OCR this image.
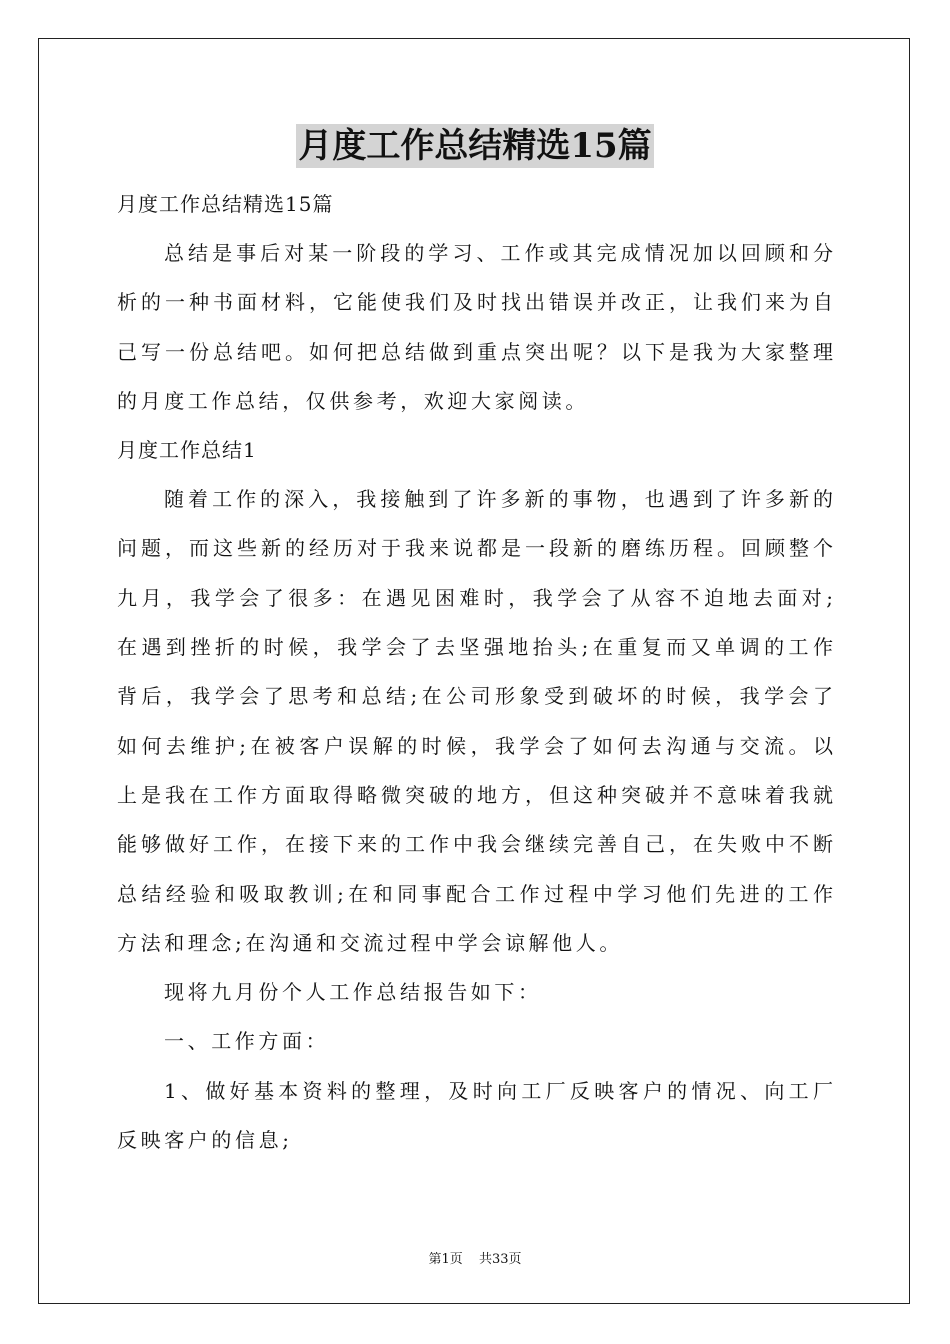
月度工作总结精选15篇
月度工作总结精选15篇
总结是事后对某一阶段的学习、工作或其完成情况加以回顾和分
析的一种书面材料，它能使我们及时找出错误并改正，让我们来为自
己写一份总结吧。如何把总结做到重点突出呢？以下是我为大家整理
的月度工作总结，仅供参考，欢迎大家阅读。
月度工作总结1
随着工作的深入，我接触到了许多新的事物，也遇到了许多新的
问题，而这些新的经历对于我来说都是一段新的磨练历程。回顾整个
九月，我学会了很多：在遇见困难时，我学会了从容不迫地去面对;
在遇到挫折的时候，我学会了去坚强地抬头;在重复而又单调的工作
背后，我学会了思考和总结;在公司形象受到破坏的时候，我学会了
如何去维护;在被客户误解的时候，我学会了如何去沟通与交流。以
上是我在工作方面取得略微突破的地方，但这种突破并不意味着我就
能够做好工作，在接下来的工作中我会继续完善自己，在失败中不断
总结经验和吸取教训;在和同事配合工作过程中学习他们先进的工作
方法和理念;在沟通和交流过程中学会谅解他人。
现将九月份个人工作总结报告如下：
一、工作方面：
1、做好基本资料的整理，及时向工厂反映客户的情况、向工厂
反映客户的信息;
第1页 共33页
